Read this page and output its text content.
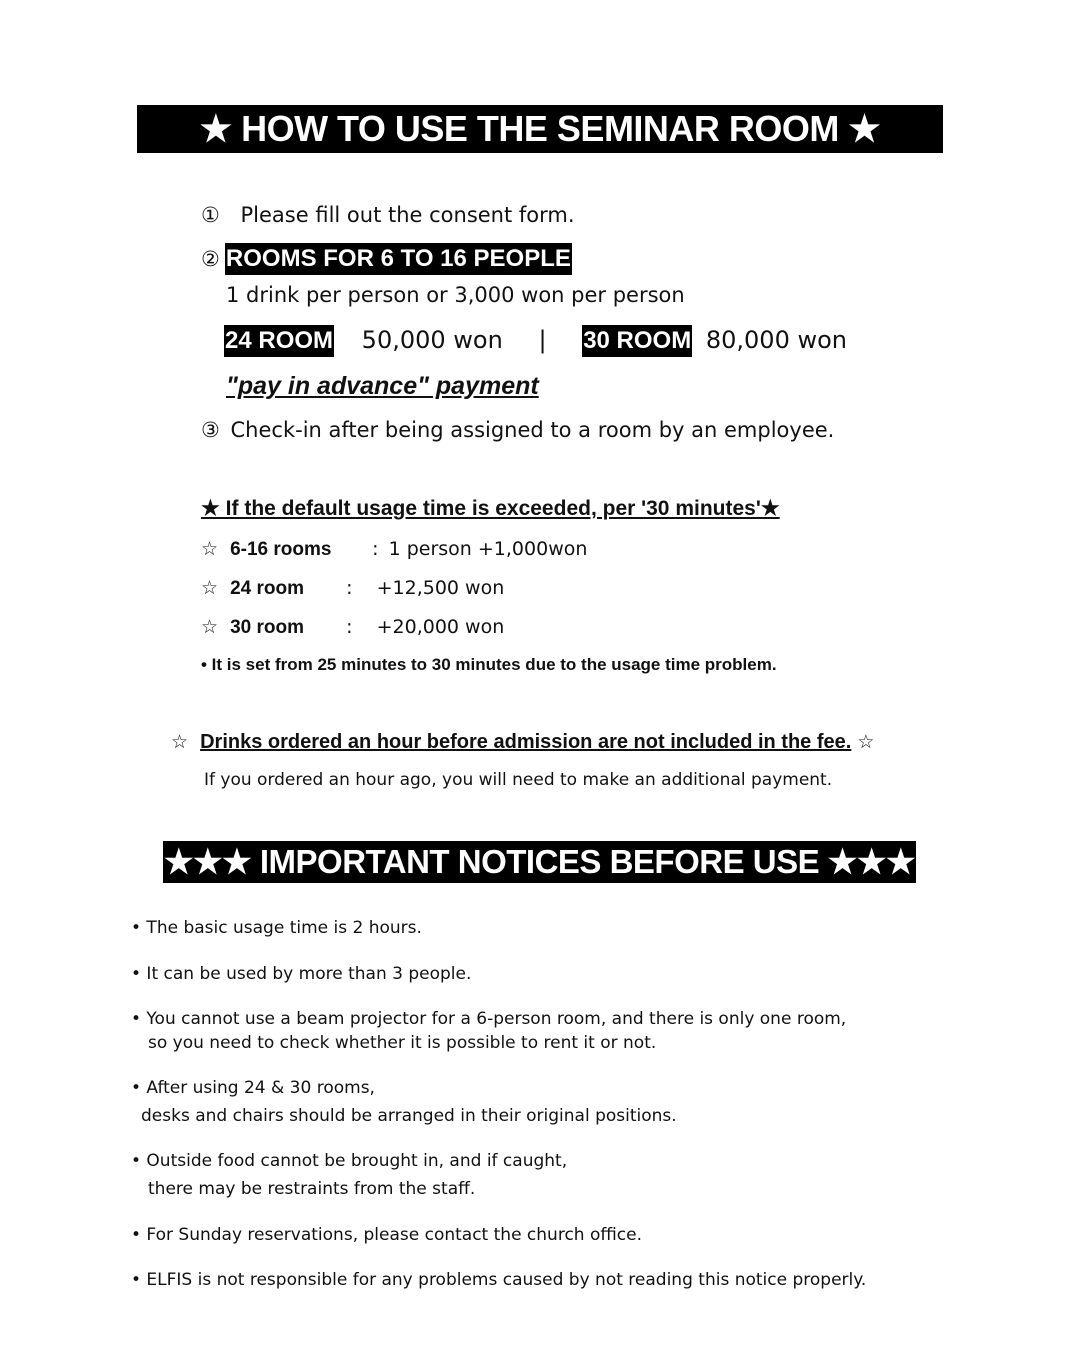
★ HOW TO USE THE SEMINAR ROOM ★
① Please fill out the consent form.
② ROOMS FOR 6 TO 16 PEOPLE
1 drink per person or 3,000 won per person
24 ROOM 50,000 won | 30 ROOM 80,000 won
"pay in advance" payment
③ Check-in after being assigned to a room by an employee.
★ If the default usage time is exceeded, per '30 minutes'★
☆ 6-16 rooms : 1 person +1,000won
☆ 24 room : +12,500 won
☆ 30 room : +20,000 won
• It is set from 25 minutes to 30 minutes due to the usage time problem.
☆ Drinks ordered an hour before admission are not included in the fee. ☆
If you ordered an hour ago, you will need to make an additional payment.
★★★ IMPORTANT NOTICES BEFORE USE ★★★
• The basic usage time is 2 hours.
• It can be used by more than 3 people.
• You cannot use a beam projector for a 6-person room, and there is only one room,
so you need to check whether it is possible to rent it or not.
• After using 24 & 30 rooms,
desks and chairs should be arranged in their original positions.
• Outside food cannot be brought in, and if caught,
there may be restraints from the staff.
• For Sunday reservations, please contact the church office.
• ELFIS is not responsible for any problems caused by not reading this notice properly.
